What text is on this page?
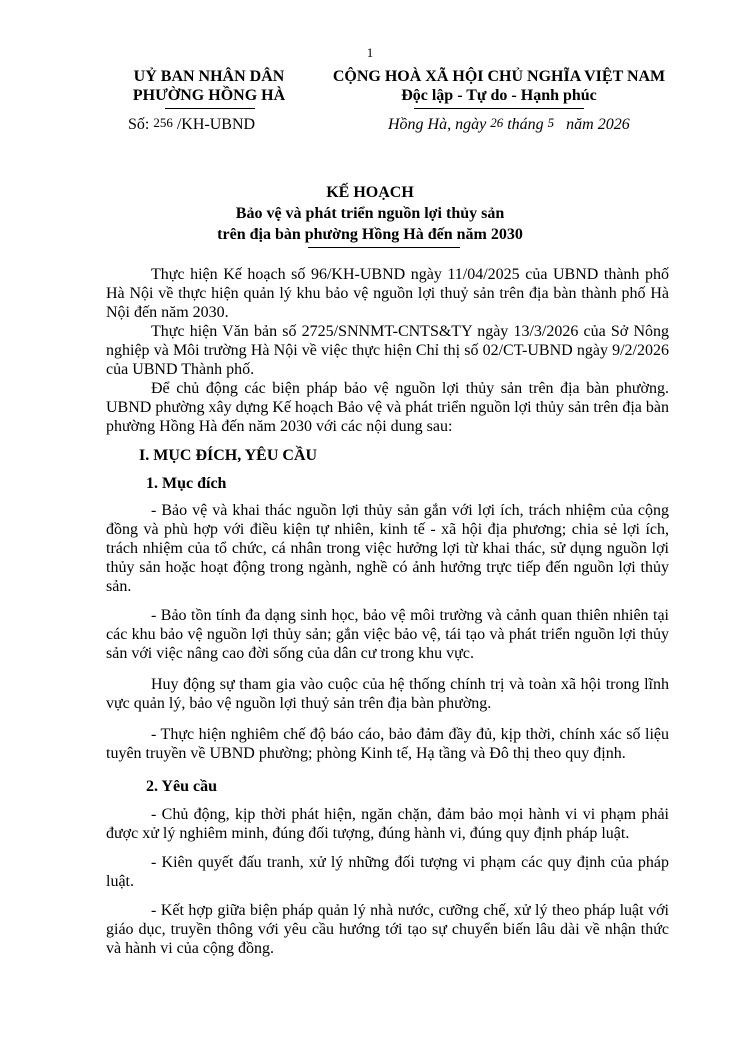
1
UỶ BAN NHÂN DÂN
PHƯỜNG HỒNG HÀ
CỘNG HOÀ XÃ HỘI CHỦ NGHĨA VIỆT NAM
Độc lập - Tự do - Hạnh phúc
Số: 256 /KH-UBND	Hồng Hà, ngày 26 tháng 5 năm 2026
KẾ HOẠCH
Bảo vệ và phát triển nguồn lợi thủy sản
trên địa bàn phường Hồng Hà đến năm 2030

Thực hiện Kế hoạch số 96/KH-UBND ngày 11/04/2025 của UBND thành phố Hà Nội về thực hiện quản lý khu bảo vệ nguồn lợi thuỷ sản trên địa bàn thành phố Hà Nội đến năm 2030.

Thực hiện Văn bản số 2725/SNNMT-CNTS&TY ngày 13/3/2026 của Sở Nông nghiệp và Môi trường Hà Nội về việc thực hiện Chỉ thị số 02/CT-UBND ngày 9/2/2026 của UBND Thành phố.

Để chủ động các biện pháp bảo vệ nguồn lợi thủy sản trên địa bàn phường. UBND phường xây dựng Kế hoạch Bảo vệ và phát triển nguồn lợi thủy sản trên địa bàn phường Hồng Hà đến năm 2030 với các nội dung sau:

I. MỤC ĐÍCH, YÊU CẦU
1. Mục đích

- Bảo vệ và khai thác nguồn lợi thủy sản gắn với lợi ích, trách nhiệm của cộng đồng và phù hợp với điều kiện tự nhiên, kinh tế - xã hội địa phương; chia sẻ lợi ích, trách nhiệm của tổ chức, cá nhân trong việc hưởng lợi từ khai thác, sử dụng nguồn lợi thủy sản hoặc hoạt động trong ngành, nghề có ảnh hưởng trực tiếp đến nguồn lợi thủy sản.

- Bảo tồn tính đa dạng sinh học, bảo vệ môi trường và cảnh quan thiên nhiên tại các khu bảo vệ nguồn lợi thủy sản; gắn việc bảo vệ, tái tạo và phát triển nguồn lợi thủy sản với việc nâng cao đời sống của dân cư trong khu vực.

Huy động sự tham gia vào cuộc của hệ thống chính trị và toàn xã hội trong lĩnh vực quản lý, bảo vệ nguồn lợi thuỷ sản trên địa bàn phường.

- Thực hiện nghiêm chế độ báo cáo, bảo đảm đầy đủ, kịp thời, chính xác số liệu tuyên truyền về UBND phường; phòng Kinh tế, Hạ tầng và Đô thị theo quy định.

2. Yêu cầu

- Chủ động, kịp thời phát hiện, ngăn chặn, đảm bảo mọi hành vi vi phạm phải được xử lý nghiêm minh, đúng đối tượng, đúng hành vi, đúng quy định pháp luật.

- Kiên quyết đấu tranh, xử lý những đối tượng vi phạm các quy định của pháp luật.

- Kết hợp giữa biện pháp quản lý nhà nước, cưỡng chế, xử lý theo pháp luật với giáo dục, truyền thông với yêu cầu hướng tới tạo sự chuyển biến lâu dài về nhận thức và hành vi của cộng đồng.
